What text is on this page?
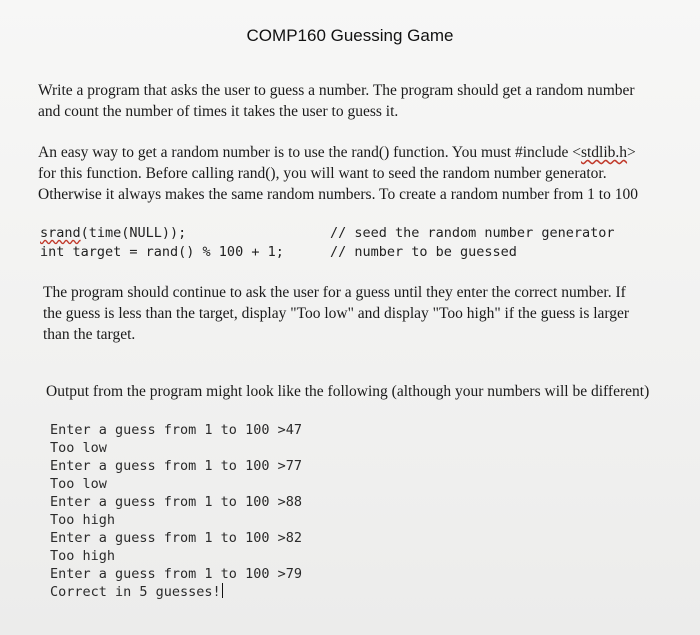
COMP160 Guessing Game

Write a program that asks the user to guess a number. The program should get a random number
and count the number of times it takes the user to guess it.

An easy way to get a random number is to use the rand() function. You must #include <stdlib.h>
for this function. Before calling rand(), you will want to seed the random number generator.
Otherwise it always makes the same random numbers. To create a random number from 1 to 100

srand(time(NULL));
int target = rand() % 100 + 1;
// seed the random number generator
// number to be guessed

The program should continue to ask the user for a guess until they enter the correct number. If
the guess is less than the target, display "Too low" and display "Too high" if the guess is larger
than the target.

Output from the program might look like the following (although your numbers will be different)

Enter a guess from 1 to 100 >47
Too low
Enter a guess from 1 to 100 >77
Too low
Enter a guess from 1 to 100 >88
Too high
Enter a guess from 1 to 100 >82
Too high
Enter a guess from 1 to 100 >79
Correct in 5 guesses!
